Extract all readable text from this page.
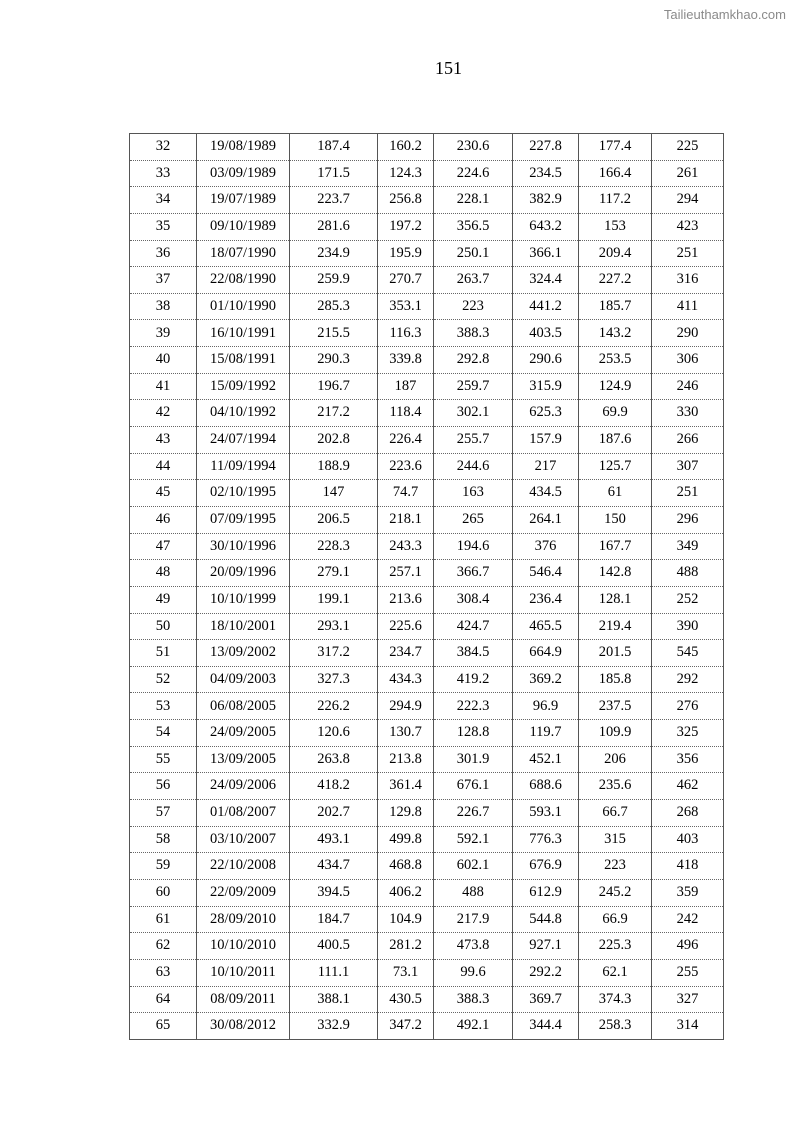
Tailieuthamkhao.com
151
32	19/08/1989	187.4	160.2	230.6	227.8	177.4	225
33	03/09/1989	171.5	124.3	224.6	234.5	166.4	261
34	19/07/1989	223.7	256.8	228.1	382.9	117.2	294
35	09/10/1989	281.6	197.2	356.5	643.2	153	423
36	18/07/1990	234.9	195.9	250.1	366.1	209.4	251
37	22/08/1990	259.9	270.7	263.7	324.4	227.2	316
38	01/10/1990	285.3	353.1	223	441.2	185.7	411
39	16/10/1991	215.5	116.3	388.3	403.5	143.2	290
40	15/08/1991	290.3	339.8	292.8	290.6	253.5	306
41	15/09/1992	196.7	187	259.7	315.9	124.9	246
42	04/10/1992	217.2	118.4	302.1	625.3	69.9	330
43	24/07/1994	202.8	226.4	255.7	157.9	187.6	266
44	11/09/1994	188.9	223.6	244.6	217	125.7	307
45	02/10/1995	147	74.7	163	434.5	61	251
46	07/09/1995	206.5	218.1	265	264.1	150	296
47	30/10/1996	228.3	243.3	194.6	376	167.7	349
48	20/09/1996	279.1	257.1	366.7	546.4	142.8	488
49	10/10/1999	199.1	213.6	308.4	236.4	128.1	252
50	18/10/2001	293.1	225.6	424.7	465.5	219.4	390
51	13/09/2002	317.2	234.7	384.5	664.9	201.5	545
52	04/09/2003	327.3	434.3	419.2	369.2	185.8	292
53	06/08/2005	226.2	294.9	222.3	96.9	237.5	276
54	24/09/2005	120.6	130.7	128.8	119.7	109.9	325
55	13/09/2005	263.8	213.8	301.9	452.1	206	356
56	24/09/2006	418.2	361.4	676.1	688.6	235.6	462
57	01/08/2007	202.7	129.8	226.7	593.1	66.7	268
58	03/10/2007	493.1	499.8	592.1	776.3	315	403
59	22/10/2008	434.7	468.8	602.1	676.9	223	418
60	22/09/2009	394.5	406.2	488	612.9	245.2	359
61	28/09/2010	184.7	104.9	217.9	544.8	66.9	242
62	10/10/2010	400.5	281.2	473.8	927.1	225.3	496
63	10/10/2011	111.1	73.1	99.6	292.2	62.1	255
64	08/09/2011	388.1	430.5	388.3	369.7	374.3	327
65	30/08/2012	332.9	347.2	492.1	344.4	258.3	314
